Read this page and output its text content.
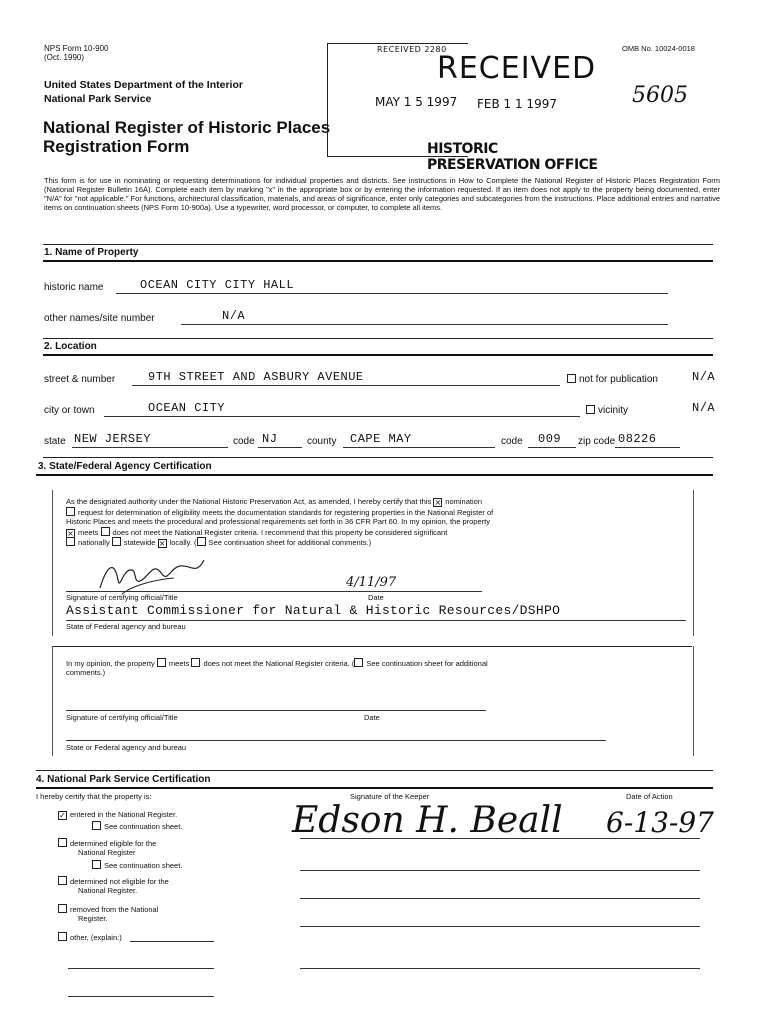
NPS Form 10-900
(Oct. 1990)
OMB No. 10024-0018
United States Department of the Interior
National Park Service
National Register of Historic Places
Registration Form
RECEIVED 2280
RECEIVED
MAY 1 5 1997 FEB 1 1 1997
HISTORIC PRESERVATION OFFICE
5605
This form is for use in nominating or requesting determinations for individual properties and districts. See instructions in How to Complete the National Register of Historic Places Registration Form (National Register Bulletin 16A). Complete each item by marking "x" in the appropriate box or by entering the information requested. If an item does not apply to the property being documented, enter "N/A" for "not applicable." For functions, architectural classification, materials, and areas of significance, enter only categories and subcategories from the instructions. Place additional entries and narrative items on continuation sheets (NPS Form 10-900a). Use a typewriter, word processor, or computer, to complete all items.
1. Name of Property
historic name	OCEAN CITY CITY HALL
other names/site number	N/A
2. Location
street & number	9TH STREET AND ASBURY AVENUE	not for publication	N/A
city or town	OCEAN CITY	vicinity	N/A
state NEW JERSEY	code NJ	county CAPE MAY	code 009 zip code 08226
3. State/Federal Agency Certification
As the designated authority under the National Historic Preservation Act, as amended, I hereby certify that this × nomination
request for determination of eligibility meets the documentation standards for registering properties in the National Register of
Historic Places and meets the procedural and professional requirements set forth in 36 CFR Part 60. In my opinion, the property
× meets does not meet the National Register criteria. I recommend that this property be considered significant
nationally statewide × locally. ( See continuation sheet for additional comments.)
4/11/97
Signature of certifying official/Title	Date
Assistant Commissioner for Natural & Historic Resources/DSHPO
State of Federal agency and bureau
In my opinion, the property meets does not meet the National Register criteria. ( See continuation sheet for additional
comments.)
Signature of certifying official/Title	Date
State or Federal agency and bureau
4. National Park Service Certification
I hereby certify that the property is:
✓ entered in the National Register.
See continuation sheet.
determined eligible for the
National Register
See continuation sheet.
determined not eligible for the
National Register.
removed from the National
Register.
other, (explain:)
Signature of the Keeper	Date of Action
Edson H. Beall 6-13-97
